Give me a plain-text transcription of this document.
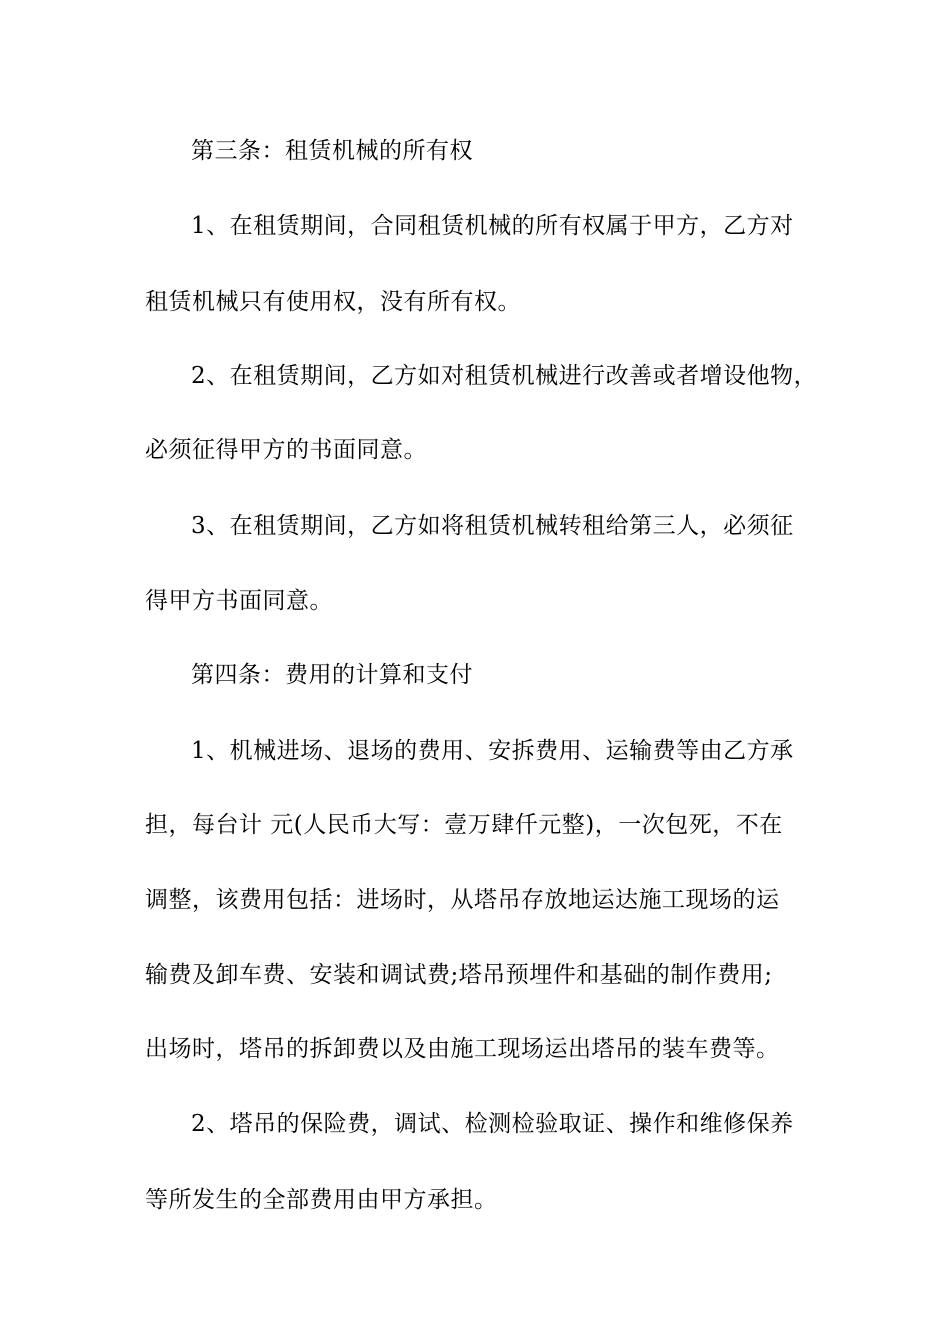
第三条：租赁机械的所有权
1、在租赁期间，合同租赁机械的所有权属于甲方，乙方对
租赁机械只有使用权，没有所有权。
2、在租赁期间，乙方如对租赁机械进行改善或者增设他物，
必须征得甲方的书面同意。
3、在租赁期间，乙方如将租赁机械转租给第三人，必须征
得甲方书面同意。
第四条：费用的计算和支付
1、机械进场、退场的费用、安拆费用、运输费等由乙方承
担，每台计 元(人民币大写：壹万肆仟元整)，一次包死，不在
调整，该费用包括：进场时，从塔吊存放地运达施工现场的运
输费及卸车费、安装和调试费;塔吊预埋件和基础的制作费用;
出场时，塔吊的拆卸费以及由施工现场运出塔吊的装车费等。
2、塔吊的保险费，调试、检测检验取证、操作和维修保养
等所发生的全部费用由甲方承担。
